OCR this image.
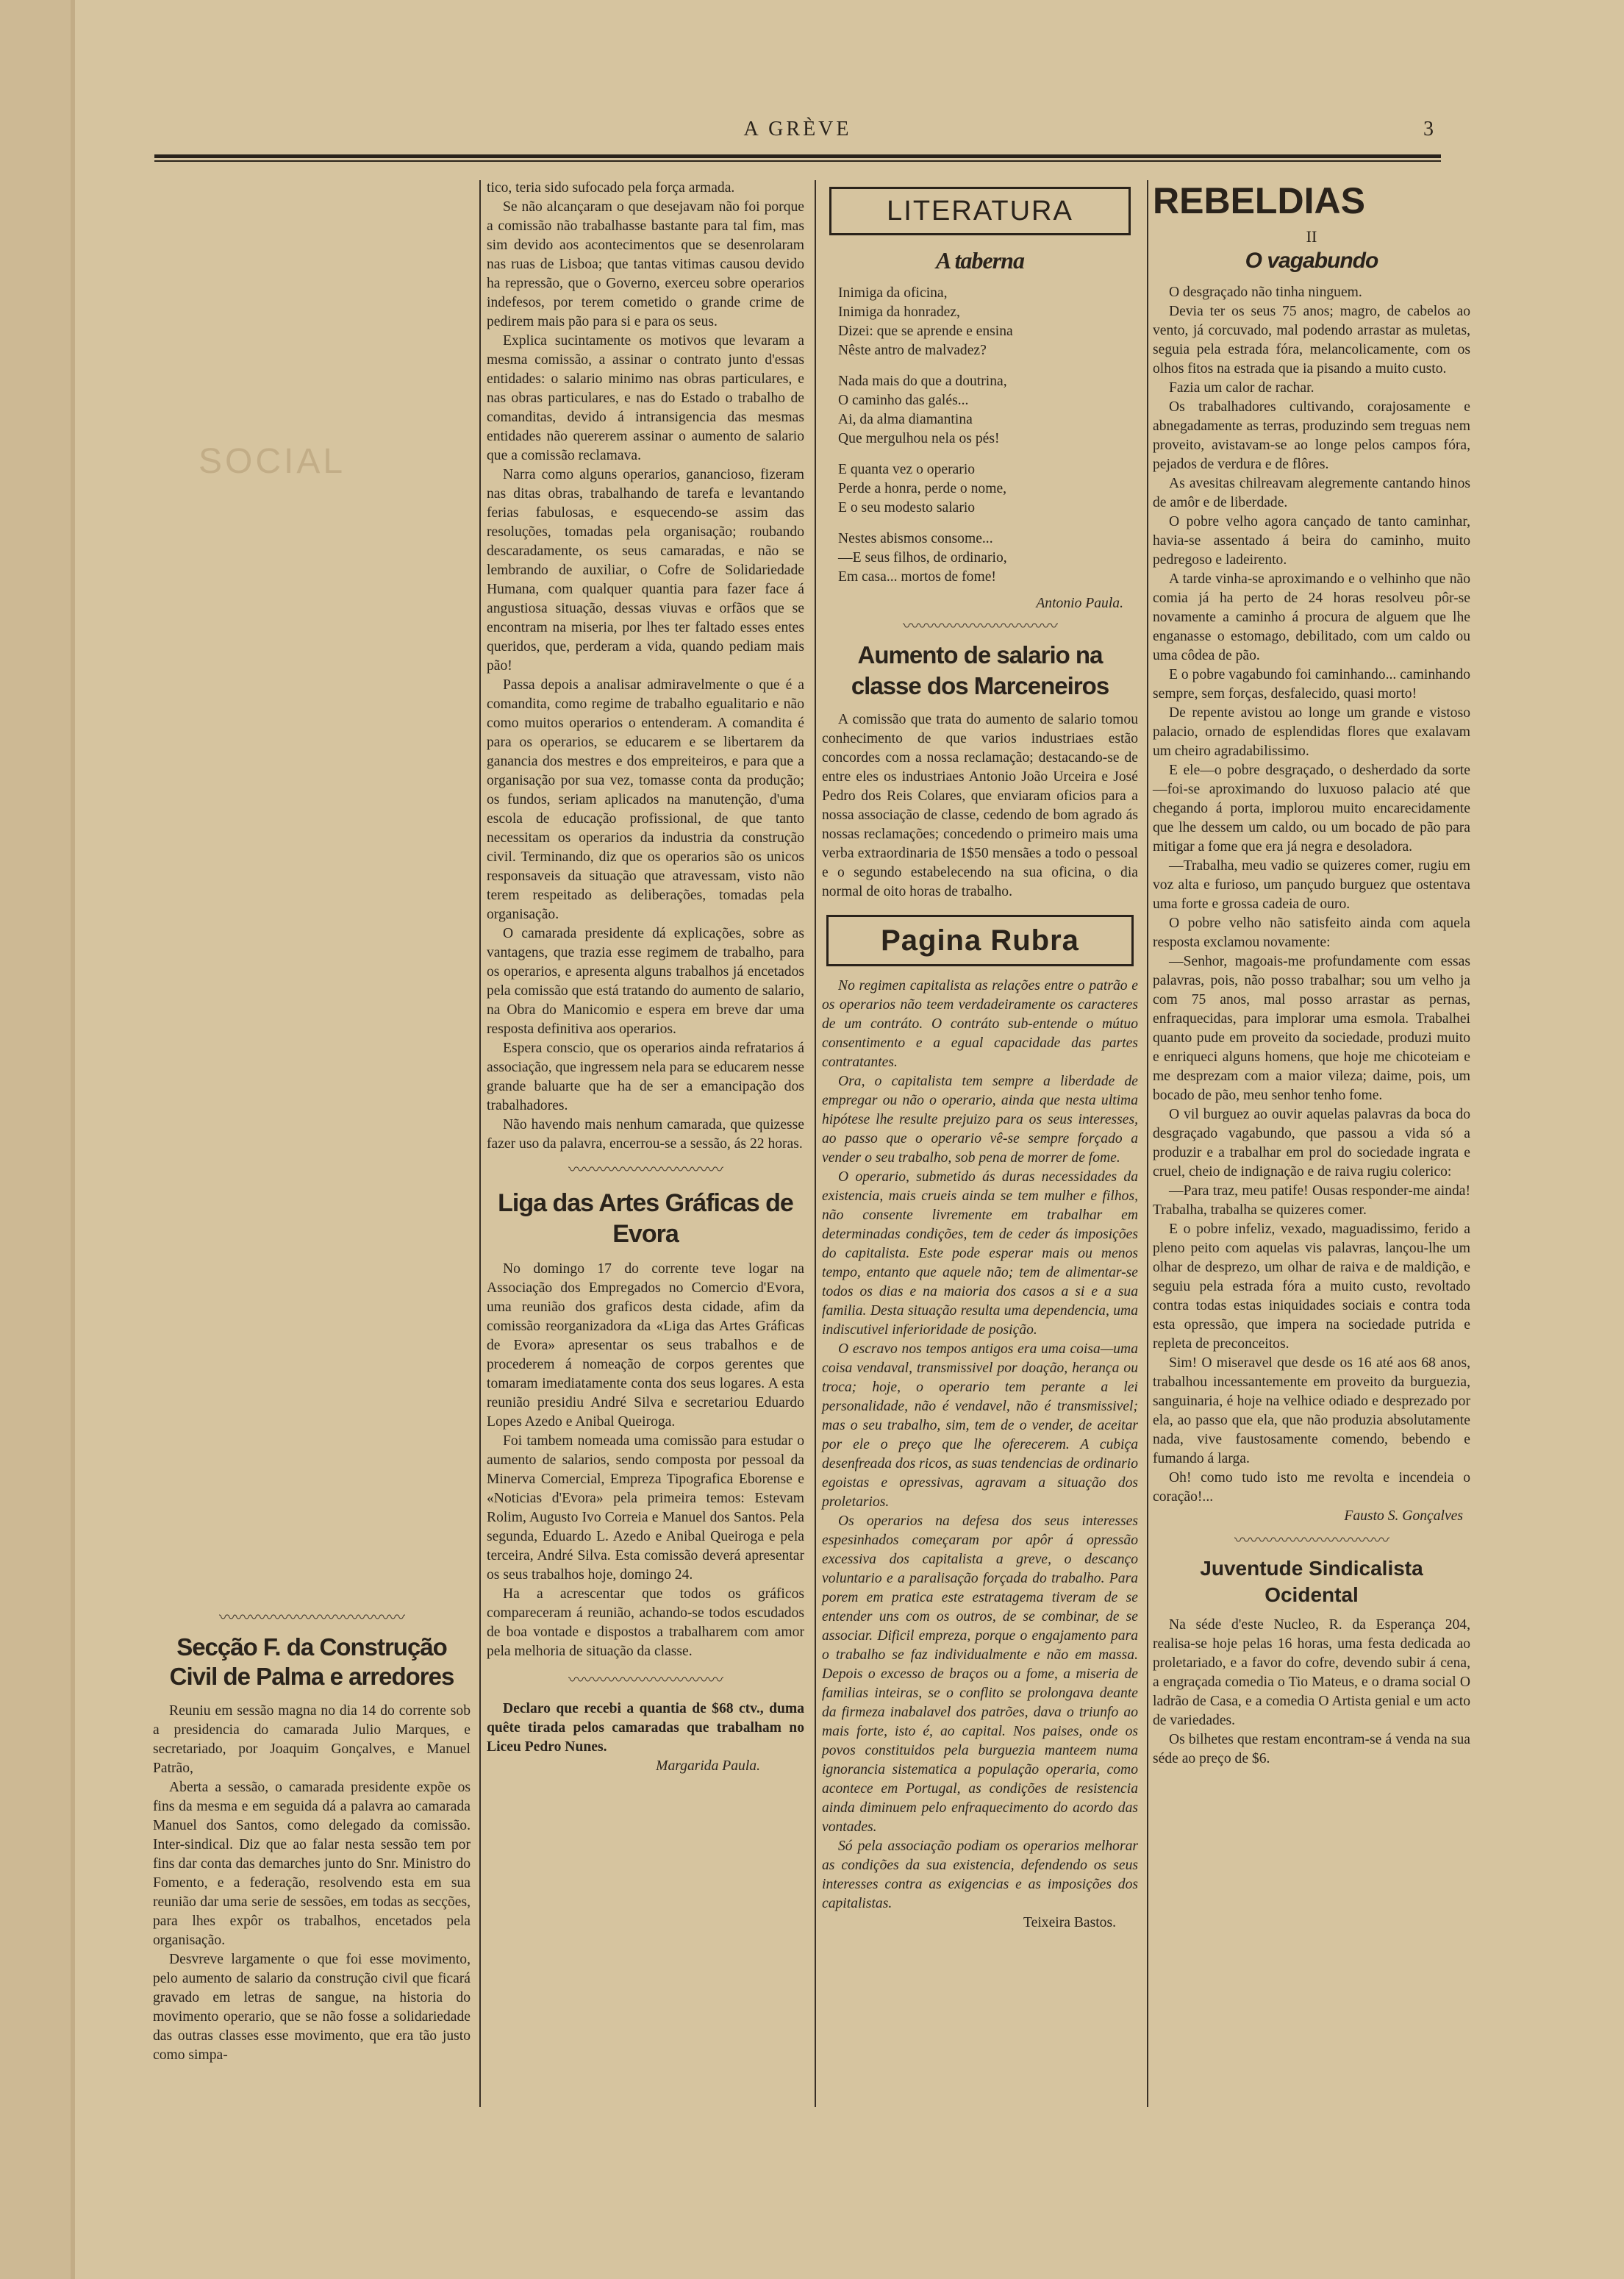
SOCIAL
A GRÈVE	3
〰〰〰〰〰〰〰〰〰〰〰〰
Secção F. da Construção Civil de Palma e arredores

Reuniu em sessão magna no dia 14 do corrente sob a presidencia do camarada Julio Marques, e secretariado, por Joaquim Gonçalves, e Manuel Patrão,

Aberta a sessão, o camarada presidente expõe os fins da mesma e em seguida dá a palavra ao camarada Manuel dos Santos, como delegado da comissão. Inter-sindical. Diz que ao falar nesta sessão tem por fins dar conta das demarches junto do Snr. Ministro do Fomento, e a federação, resolvendo esta em sua reunião dar uma serie de sessões, em todas as secções, para lhes expôr os trabalhos, encetados pela organisação.

Desvreve largamente o que foi esse movimento, pelo aumento de salario da construção civil que ficará gravado em letras de sangue, na historia do movimento operario, que se não fosse a solidariedade das outras classes esse movimento, que era tão justo como simpa-

tico, teria sido sufocado pela força armada.

Se não alcançaram o que desejavam não foi porque a comissão não trabalhasse bastante para tal fim, mas sim devido aos acontecimentos que se desenrolaram nas ruas de Lisboa; que tantas vitimas causou devido ha repressão, que o Governo, exerceu sobre operarios indefesos, por terem cometido o grande crime de pedirem mais pão para si e para os seus.

Explica sucintamente os motivos que levaram a mesma comissão, a assinar o contrato junto d'essas entidades: o salario minimo nas obras particulares, e nas obras particulares, e nas do Estado o trabalho de comanditas, devido á intransigencia das mesmas entidades não quererem assinar o aumento de salario que a comissão reclamava.

Narra como alguns operarios, ganancioso, fizeram nas ditas obras, trabalhando de tarefa e levantando ferias fabulosas, e esquecendo-se assim das resoluções, tomadas pela organisação; roubando descaradamente, os seus camaradas, e não se lembrando de auxiliar, o Cofre de Solidariedade Humana, com qualquer quantia para fazer face á angustiosa situação, dessas viuvas e orfãos que se encontram na miseria, por lhes ter faltado esses entes queridos, que, perderam a vida, quando pediam mais pão!

Passa depois a analisar admiravelmente o que é a comandita, como regime de trabalho egualitario e não como muitos operarios o entenderam. A comandita é para os operarios, se educarem e se libertarem da ganancia dos mestres e dos empreiteiros, e para que a organisação por sua vez, tomasse conta da produção; os fundos, seriam aplicados na manutenção, d'uma escola de educação profissional, de que tanto necessitam os operarios da industria da construção civil. Terminando, diz que os operarios são os unicos responsaveis da situação que atravessam, visto não terem respeitado as deliberações, tomadas pela organisação.

O camarada presidente dá explicações, sobre as vantagens, que trazia esse regimem de trabalho, para os operarios, e apresenta alguns trabalhos já encetados pela comissão que está tratando do aumento de salario, na Obra do Manicomio e espera em breve dar uma resposta definitiva aos operarios.

Espera conscio, que os operarios ainda refratarios á associação, que ingressem nela para se educarem nesse grande baluarte que ha de ser a emancipação dos trabalhadores.

Não havendo mais nenhum camarada, que quizesse fazer uso da palavra, encerrou-se a sessão, ás 22 horas.

〰〰〰〰〰〰〰〰〰〰
Liga das Artes Gráficas de Evora

No domingo 17 do corrente teve logar na Associação dos Empregados no Comercio d'Evora, uma reunião dos graficos desta cidade, afim da comissão reorganizadora da «Liga das Artes Gráficas de Evora» apresentar os seus trabalhos e de procederem á nomeação de corpos gerentes que tomaram imediatamente conta dos seus logares. A esta reunião presidiu André Silva e secretariou Eduardo Lopes Azedo e Anibal Queiroga.

Foi tambem nomeada uma comissão para estudar o aumento de salarios, sendo composta por pessoal da Minerva Comercial, Empreza Tipografica Eborense e «Noticias d'Evora» pela primeira temos: Estevam Rolim, Augusto Ivo Correia e Manuel dos Santos. Pela segunda, Eduardo L. Azedo e Anibal Queiroga e pela terceira, André Silva. Esta comissão deverá apresentar os seus trabalhos hoje, domingo 24.

Ha a acrescentar que todos os gráficos compareceram á reunião, achando-se todos escudados de boa vontade e dispostos a trabalharem com amor pela melhoria de situação da classe.

〰〰〰〰〰〰〰〰〰〰

Declaro que recebi a quantia de $68 ctv., duma quête tirada pelos camaradas que trabalham no Liceu Pedro Nunes.

Margarida Paula.
LITERATURA
A taberna
Inimiga da oficina,
Inimiga da honradez,
Dizei: que se aprende e ensina
Nêste antro de malvadez?
Nada mais do que a doutrina,
O caminho das galés...
Ai, da alma diamantina
Que mergulhou nela os pés!
E quanta vez o operario
Perde a honra, perde o nome,
E o seu modesto salario
Nestes abismos consome...
—E seus filhos, de ordinario,
Em casa... mortos de fome!
Antonio Paula.
〰〰〰〰〰〰〰〰〰〰
Aumento de salario na classe dos Marceneiros

A comissão que trata do aumento de salario tomou conhecimento de que varios industriaes estão concordes com a nossa reclamação; destacando-se de entre eles os industriaes Antonio João Urceira e José Pedro dos Reis Colares, que enviaram oficios para a nossa associação de classe, cedendo de bom agrado ás nossas reclamações; concedendo o primeiro mais uma verba extraordinaria de 1$50 mensães a todo o pessoal e o segundo estabelecendo na sua oficina, o dia normal de oito horas de trabalho.

Pagina Rubra

No regimen capitalista as relações entre o patrão e os operarios não teem verdadeiramente os caracteres de um contráto. O contráto sub-entende o mútuo consentimento e a egual capacidade das partes contratantes.

Ora, o capitalista tem sempre a liberdade de empregar ou não o operario, ainda que nesta ultima hipótese lhe resulte prejuizo para os seus interesses, ao passo que o operario vê-se sempre forçado a vender o seu trabalho, sob pena de morrer de fome.

O operario, submetido ás duras necessidades da existencia, mais crueis ainda se tem mulher e filhos, não consente livremente em trabalhar em determinadas condições, tem de ceder ás imposições do capitalista. Este pode esperar mais ou menos tempo, entanto que aquele não; tem de alimentar-se todos os dias e na maioria dos casos a si e a sua familia. Desta situação resulta uma dependencia, uma indiscutivel inferioridade de posição.

O escravo nos tempos antigos era uma coisa—uma coisa vendaval, transmissivel por doação, herança ou troca; hoje, o operario tem perante a lei personalidade, não é vendavel, não é transmissivel; mas o seu trabalho, sim, tem de o vender, de aceitar por ele o preço que lhe oferecerem. A cubiça desenfreada dos ricos, as suas tendencias de ordinario egoistas e opressivas, agravam a situação dos proletarios.

Os operarios na defesa dos seus interesses espesinhados começaram por apôr á opressão excessiva dos capitalista a greve, o descanço voluntario e a paralisação forçada do trabalho. Para porem em pratica este estratagema tiveram de se entender uns com os outros, de se combinar, de se associar. Dificil empreza, porque o engajamento para o trabalho se faz individualmente e não em massa. Depois o excesso de braços ou a fome, a miseria de familias inteiras, se o conflito se prolongava deante da firmeza inabalavel dos patrões, dava o triunfo ao mais forte, isto é, ao capital. Nos paises, onde os povos constituidos pela burguezia manteem numa ignorancia sistematica a população operaria, como acontece em Portugal, as condições de resistencia ainda diminuem pelo enfraquecimento do acordo das vontades.

Só pela associação podiam os operarios melhorar as condições da sua existencia, defendendo os seus interesses contra as exigencias e as imposições dos capitalistas.

Teixeira Bastos.
REBELDIAS
II
O vagabundo

O desgraçado não tinha ninguem.

Devia ter os seus 75 anos; magro, de cabelos ao vento, já corcuvado, mal podendo arrastar as muletas, seguia pela estrada fóra, melancolicamente, com os olhos fitos na estrada que ia pisando a muito custo.

Fazia um calor de rachar.

Os trabalhadores cultivando, corajosamente e abnegadamente as terras, produzindo sem treguas nem proveito, avistavam-se ao longe pelos campos fóra, pejados de verdura e de flôres.

As avesitas chilreavam alegremente cantando hinos de amôr e de liberdade.

O pobre velho agora cançado de tanto caminhar, havia-se assentado á beira do caminho, muito pedregoso e ladeirento.

A tarde vinha-se aproximando e o velhinho que não comia já ha perto de 24 horas resolveu pôr-se novamente a caminho á procura de alguem que lhe enganasse o estomago, debilitado, com um caldo ou uma côdea de pão.

E o pobre vagabundo foi caminhando... caminhando sempre, sem forças, desfalecido, quasi morto!

De repente avistou ao longe um grande e vistoso palacio, ornado de esplendidas flores que exalavam um cheiro agradabilissimo.

E ele—o pobre desgraçado, o desherdado da sorte—foi-se aproximando do luxuoso palacio até que chegando á porta, implorou muito encarecidamente que lhe dessem um caldo, ou um bocado de pão para mitigar a fome que era já negra e desoladora.

—Trabalha, meu vadio se quizeres comer, rugiu em voz alta e furioso, um pançudo burguez que ostentava uma forte e grossa cadeia de ouro.

O pobre velho não satisfeito ainda com aquela resposta exclamou novamente:

—Senhor, magoais-me profundamente com essas palavras, pois, não posso trabalhar; sou um velho ja com 75 anos, mal posso arrastar as pernas, enfraquecidas, para implorar uma esmola. Trabalhei quanto pude em proveito da sociedade, produzi muito e enriqueci alguns homens, que hoje me chicoteiam e me desprezam com a maior vileza; daime, pois, um bocado de pão, meu senhor tenho fome.

O vil burguez ao ouvir aquelas palavras da boca do desgraçado vagabundo, que passou a vida só a produzir e a trabalhar em prol do sociedade ingrata e cruel, cheio de indignação e de raiva rugiu colerico:

—Para traz, meu patife! Ousas responder-me ainda! Trabalha, trabalha se quizeres comer.

E o pobre infeliz, vexado, maguadissimo, ferido a pleno peito com aquelas vis palavras, lançou-lhe um olhar de desprezo, um olhar de raiva e de maldição, e seguiu pela estrada fóra a muito custo, revoltado contra todas estas iniquidades sociais e contra toda esta opressão, que impera na sociedade putrida e repleta de preconceitos.

Sim! O miseravel que desde os 16 até aos 68 anos, trabalhou incessantemente em proveito da burguezia, sanguinaria, é hoje na velhice odiado e desprezado por ela, ao passo que ela, que não produzia absolutamente nada, vive faustosamente comendo, bebendo e fumando á larga.

Oh! como tudo isto me revolta e incendeia o coração!...

Fausto S. Gonçalves
〰〰〰〰〰〰〰〰〰〰
Juventude Sindicalista Ocidental

Na séde d'este Nucleo, R. da Esperança 204, realisa-se hoje pelas 16 horas, uma festa dedicada ao proletariado, e a favor do cofre, devendo subir á cena, a engraçada comedia o Tio Mateus, e o drama social O ladrão de Casa, e a comedia O Artista genial e um acto de variedades.

Os bilhetes que restam encontram-se á venda na sua séde ao preço de $6.
